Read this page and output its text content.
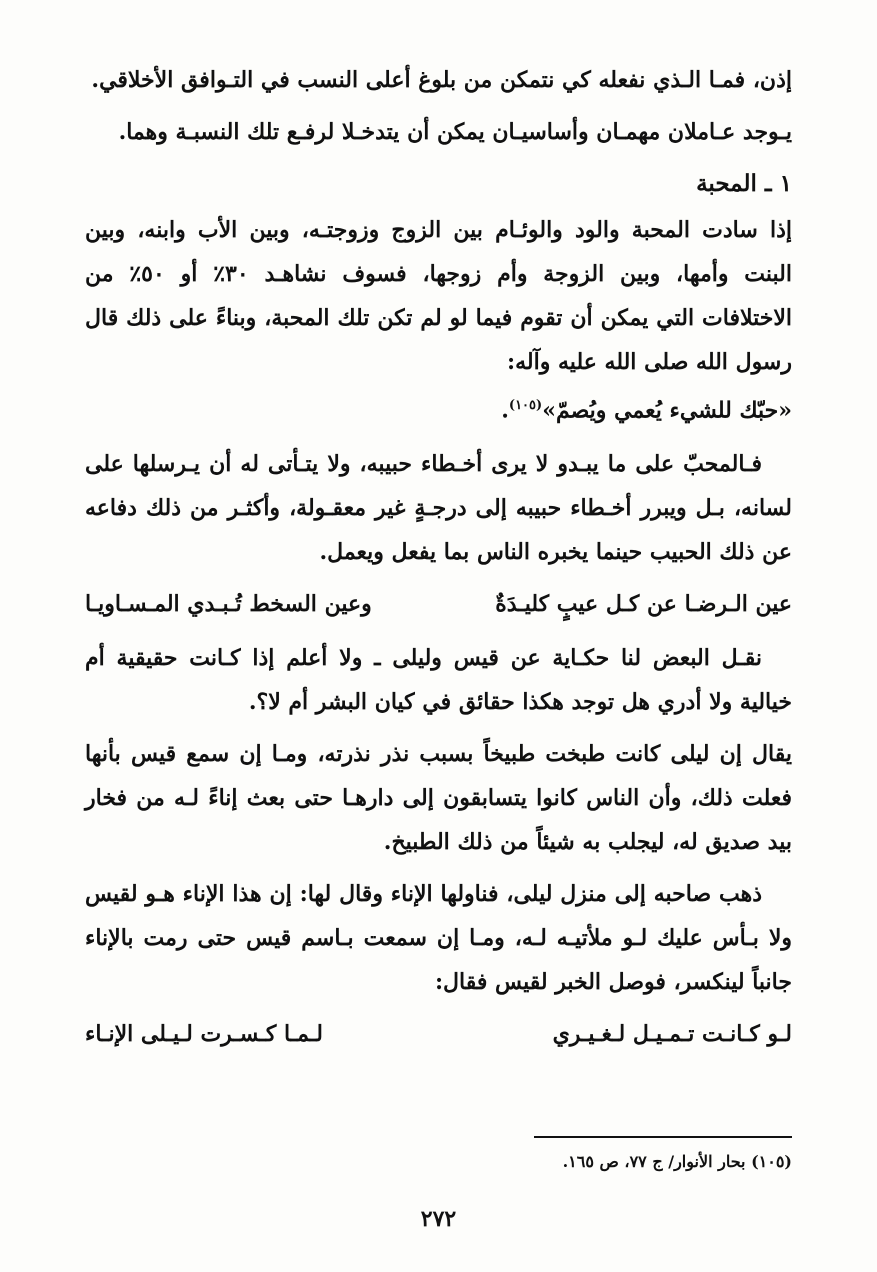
إذن، فمـا الـذي نفعله كي نتمكن من بلوغ أعلى النسب في التـوافق الأخلاقي.

يـوجد عـاملان مهمـان وأساسيـان يمكن أن يتدخـلا لرفـع تلك النسبـة وهما.

١ ـ المحبة

إذا سادت المحبة والود والوئـام بين الزوج وزوجتـه، وبين الأب وابنه، وبين البنت وأمها، وبين الزوجة وأم زوجها، فسوف نشاهـد ٣٠٪ أو ٥٠٪ من الاختلافات التي يمكن أن تقوم فيما لو لم تكن تلك المحبة، وبناءً على ذلك قال رسول الله صلى الله عليه وآله:

«حبّك للشيء يُعمي ويُصمّ»$^{(١٠٥)}$.

فـالمحبّ على ما يبـدو لا يرى أخـطاء حبيبه، ولا يتـأتى له أن يـرسلها على لسانه، بـل ويبرر أخـطاء حبيبه إلى درجـةٍ غير معقـولة، وأكثـر من ذلك دفاعه عن ذلك الحبيب حينما يخبره الناس بما يفعل ويعمل.

عين الـرضـا عن كـل عيبٍ كليـدَةٌ
وعين السخط تُـبـدي المـسـاويـا

نقـل البعض لنا حكـاية عن قيس وليلى ـ ولا أعلم إذا كـانت حقيقية أم خيالية ولا أدري هل توجد هكذا حقائق في كيان البشر أم لا؟.

يقال إن ليلى كانت طبخت طبيخاً بسبب نذر نذرته، ومـا إن سمع قيس بأنها فعلت ذلك، وأن الناس كانوا يتسابقون إلى دارهـا حتى بعث إناءً لـه من فخار بيد صديق له، ليجلب به شيئاً من ذلك الطبيخ.

ذهب صاحبه إلى منزل ليلى، فناولها الإناء وقال لها: إن هذا الإناء هـو لقيس ولا بـأس عليك لـو ملأتيـه لـه، ومـا إن سمعت بـاسم قيس حتى رمت بالإناء جانباً لينكسر، فوصل الخبر لقيس فقال:

لـو كـانـت تـمـيـل لـغـيـري
لـمـا كـسـرت لـيـلى الإنـاء
(١٠٥) بحار الأنوار/ ج ٧٧، ص ١٦٥.
٢٧٢
